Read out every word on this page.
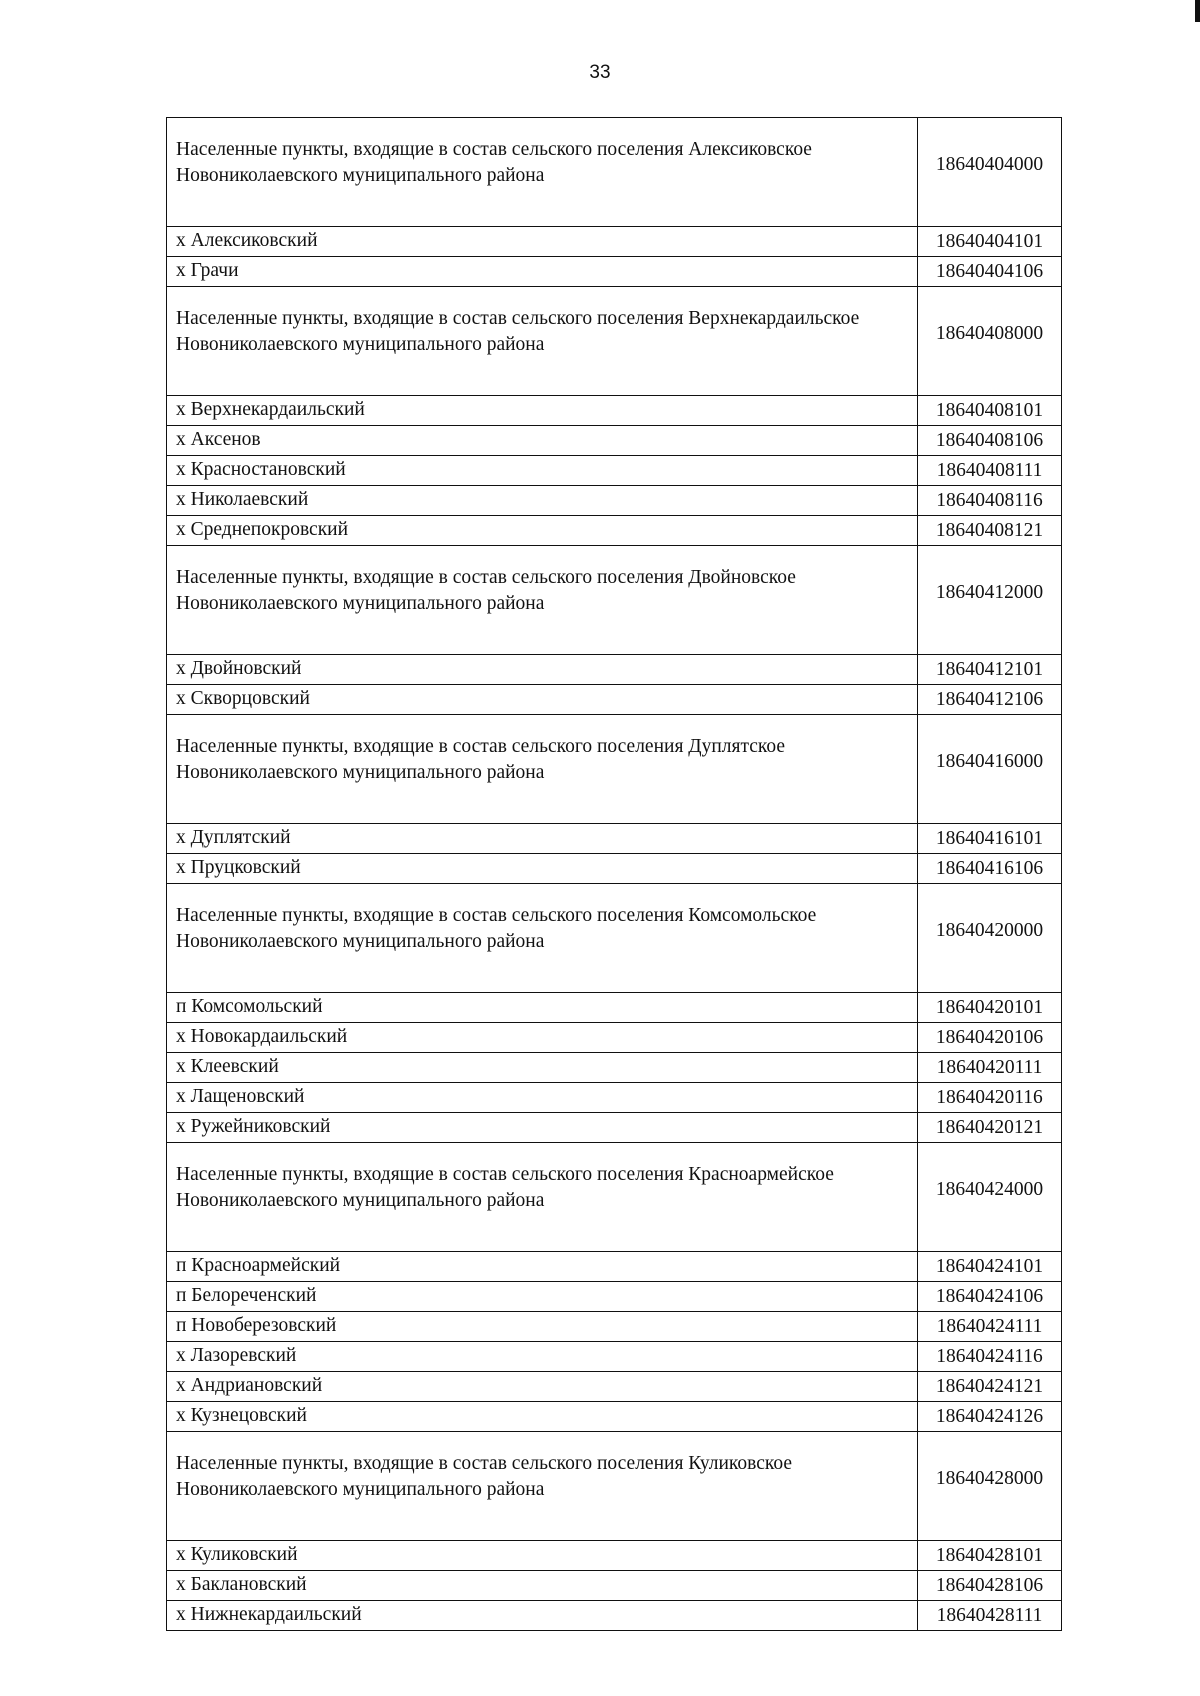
33
Населенные пункты, входящие в состав сельского поселения Алексиковское Новониколаевского муниципального района	18640404000
х Алексиковский	18640404101
х Грачи	18640404106
Населенные пункты, входящие в состав сельского поселения Верхнекардаильское Новониколаевского муниципального района	18640408000
х Верхнекардаильский	18640408101
х Аксенов	18640408106
х Красностановский	18640408111
х Николаевский	18640408116
х Среднепокровский	18640408121
Населенные пункты, входящие в состав сельского поселения Двойновское Новониколаевского муниципального района	18640412000
х Двойновский	18640412101
х Скворцовский	18640412106
Населенные пункты, входящие в состав сельского поселения Дуплятское Новониколаевского муниципального района	18640416000
х Дуплятский	18640416101
х Пруцковский	18640416106
Населенные пункты, входящие в состав сельского поселения Комсомольское Новониколаевского муниципального района	18640420000
п Комсомольский	18640420101
х Новокардаильский	18640420106
х Клеевский	18640420111
х Лащеновский	18640420116
х Ружейниковский	18640420121
Населенные пункты, входящие в состав сельского поселения Красноармейское Новониколаевского муниципального района	18640424000
п Красноармейский	18640424101
п Белореченский	18640424106
п Новоберезовский	18640424111
х Лазоревский	18640424116
х Андриановский	18640424121
х Кузнецовский	18640424126
Населенные пункты, входящие в состав сельского поселения Куликовское Новониколаевского муниципального района	18640428000
х Куликовский	18640428101
х Баклановский	18640428106
х Нижнекардаильский	18640428111
